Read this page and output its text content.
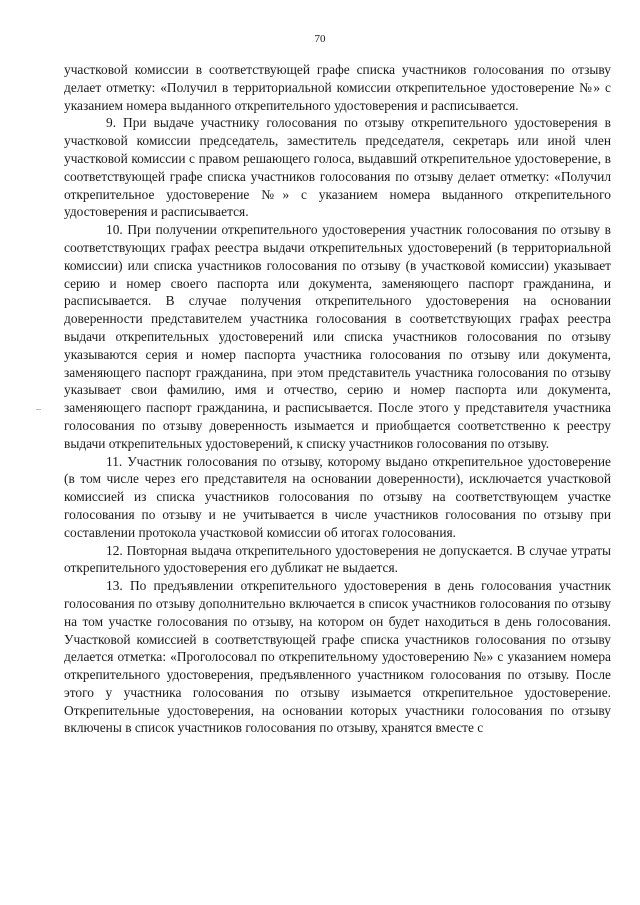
70

участковой комиссии в соответствующей графе списка участников голосования по отзыву делает отметку: «Получил в территориальной комиссии открепительное удостоверение №» с указанием номера выданного открепительного удостоверения и расписывается.

9. При выдаче участнику голосования по отзыву открепительного удостоверения в участковой комиссии председатель, заместитель председателя, секретарь или иной член участковой комиссии с правом решающего голоса, выдавший открепительное удостоверение, в соответствующей графе списка участников голосования по отзыву делает отметку: «Получил открепительное удостоверение №» с указанием номера выданного открепительного удостоверения и расписывается.

10. При получении открепительного удостоверения участник голосования по отзыву в соответствующих графах реестра выдачи открепительных удостоверений (в территориальной комиссии) или списка участников голосования по отзыву (в участковой комиссии) указывает серию и номер своего паспорта или документа, заменяющего паспорт гражданина, и расписывается. В случае получения открепительного удостоверения на основании доверенности представителем участника голосования в соответствующих графах реестра выдачи открепительных удостоверений или списка участников голосования по отзыву указываются серия и номер паспорта участника голосования по отзыву или документа, заменяющего паспорт гражданина, при этом представитель участника голосования по отзыву указывает свои фамилию, имя и отчество, серию и номер паспорта или документа, заменяющего паспорт гражданина, и расписывается. После этого у представителя участника голосования по отзыву доверенность изымается и приобщается соответственно к реестру выдачи открепительных удостоверений, к списку участников голосования по отзыву.

11. Участник голосования по отзыву, которому выдано открепительное удостоверение (в том числе через его представителя на основании доверенности), исключается участковой комиссией из списка участников голосования по отзыву на соответствующем участке голосования по отзыву и не учитывается в числе участников голосования по отзыву при составлении протокола участковой комиссии об итогах голосования.

12. Повторная выдача открепительного удостоверения не допускается. В случае утраты открепительного удостоверения его дубликат не выдается.

13. По предъявлении открепительного удостоверения в день голосования участник голосования по отзыву дополнительно включается в список участников голосования по отзыву на том участке голосования по отзыву, на котором он будет находиться в день голосования. Участковой комиссией в соответствующей графе списка участников голосования по отзыву делается отметка: «Проголосовал по открепительному удостоверению №» с указанием номера открепительного удостоверения, предъявленного участником голосования по отзыву. После этого у участника голосования по отзыву изымается открепительное удостоверение. Открепительные удостоверения, на основании которых участники голосования по отзыву включены в список участников голосования по отзыву, хранятся вместе с
